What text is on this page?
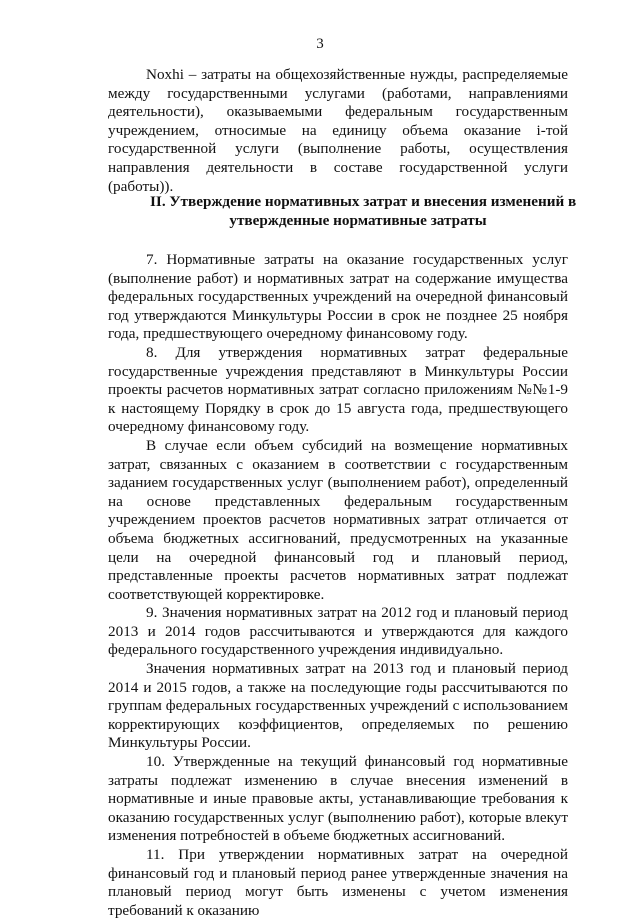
3

Noxhi – затраты на общехозяйственные нужды, распределяемые между государственными услугами (работами, направлениями деятельности), оказываемыми федеральным государственным учреждением, относимые на единицу объема оказание i-той государственной услуги (выполнение работы, осуществления направления деятельности в составе государственной услуги (работы)).

II. Утверждение нормативных затрат и внесения изменений в
утвержденные нормативные затраты

7. Нормативные затраты на оказание государственных услуг (выполнение работ) и нормативных затрат на содержание имущества федеральных государственных учреждений на очередной финансовый год утверждаются Минкультуры России в срок не позднее 25 ноября года, предшествующего очередному финансовому году.

8. Для утверждения нормативных затрат федеральные государственные учреждения представляют в Минкультуры России проекты расчетов нормативных затрат согласно приложениям №№1-9 к настоящему Порядку в срок до 15 августа года, предшествующего очередному финансовому году.

В случае если объем субсидий на возмещение нормативных затрат, связанных с оказанием в соответствии с государственным заданием государственных услуг (выполнением работ), определенный на основе представленных федеральным государственным учреждением проектов расчетов нормативных затрат отличается от объема бюджетных ассигнований, предусмотренных на указанные цели на очередной финансовый год и плановый период, представленные проекты расчетов нормативных затрат подлежат соответствующей корректировке.

9. Значения нормативных затрат на 2012 год и плановый период 2013 и 2014 годов рассчитываются и утверждаются для каждого федерального государственного учреждения индивидуально.

Значения нормативных затрат на 2013 год и плановый период 2014 и 2015 годов, а также на последующие годы рассчитываются по группам федеральных государственных учреждений с использованием корректирующих коэффициентов, определяемых по решению Минкультуры России.

10. Утвержденные на текущий финансовый год нормативные затраты подлежат изменению в случае внесения изменений в нормативные и иные правовые акты, устанавливающие требования к оказанию государственных услуг (выполнению работ), которые влекут изменения потребностей в объеме бюджетных ассигнований.

11. При утверждении нормативных затрат на очередной финансовый год и плановый период ранее утвержденные значения на плановый период могут быть изменены с учетом изменения требований к оказанию
